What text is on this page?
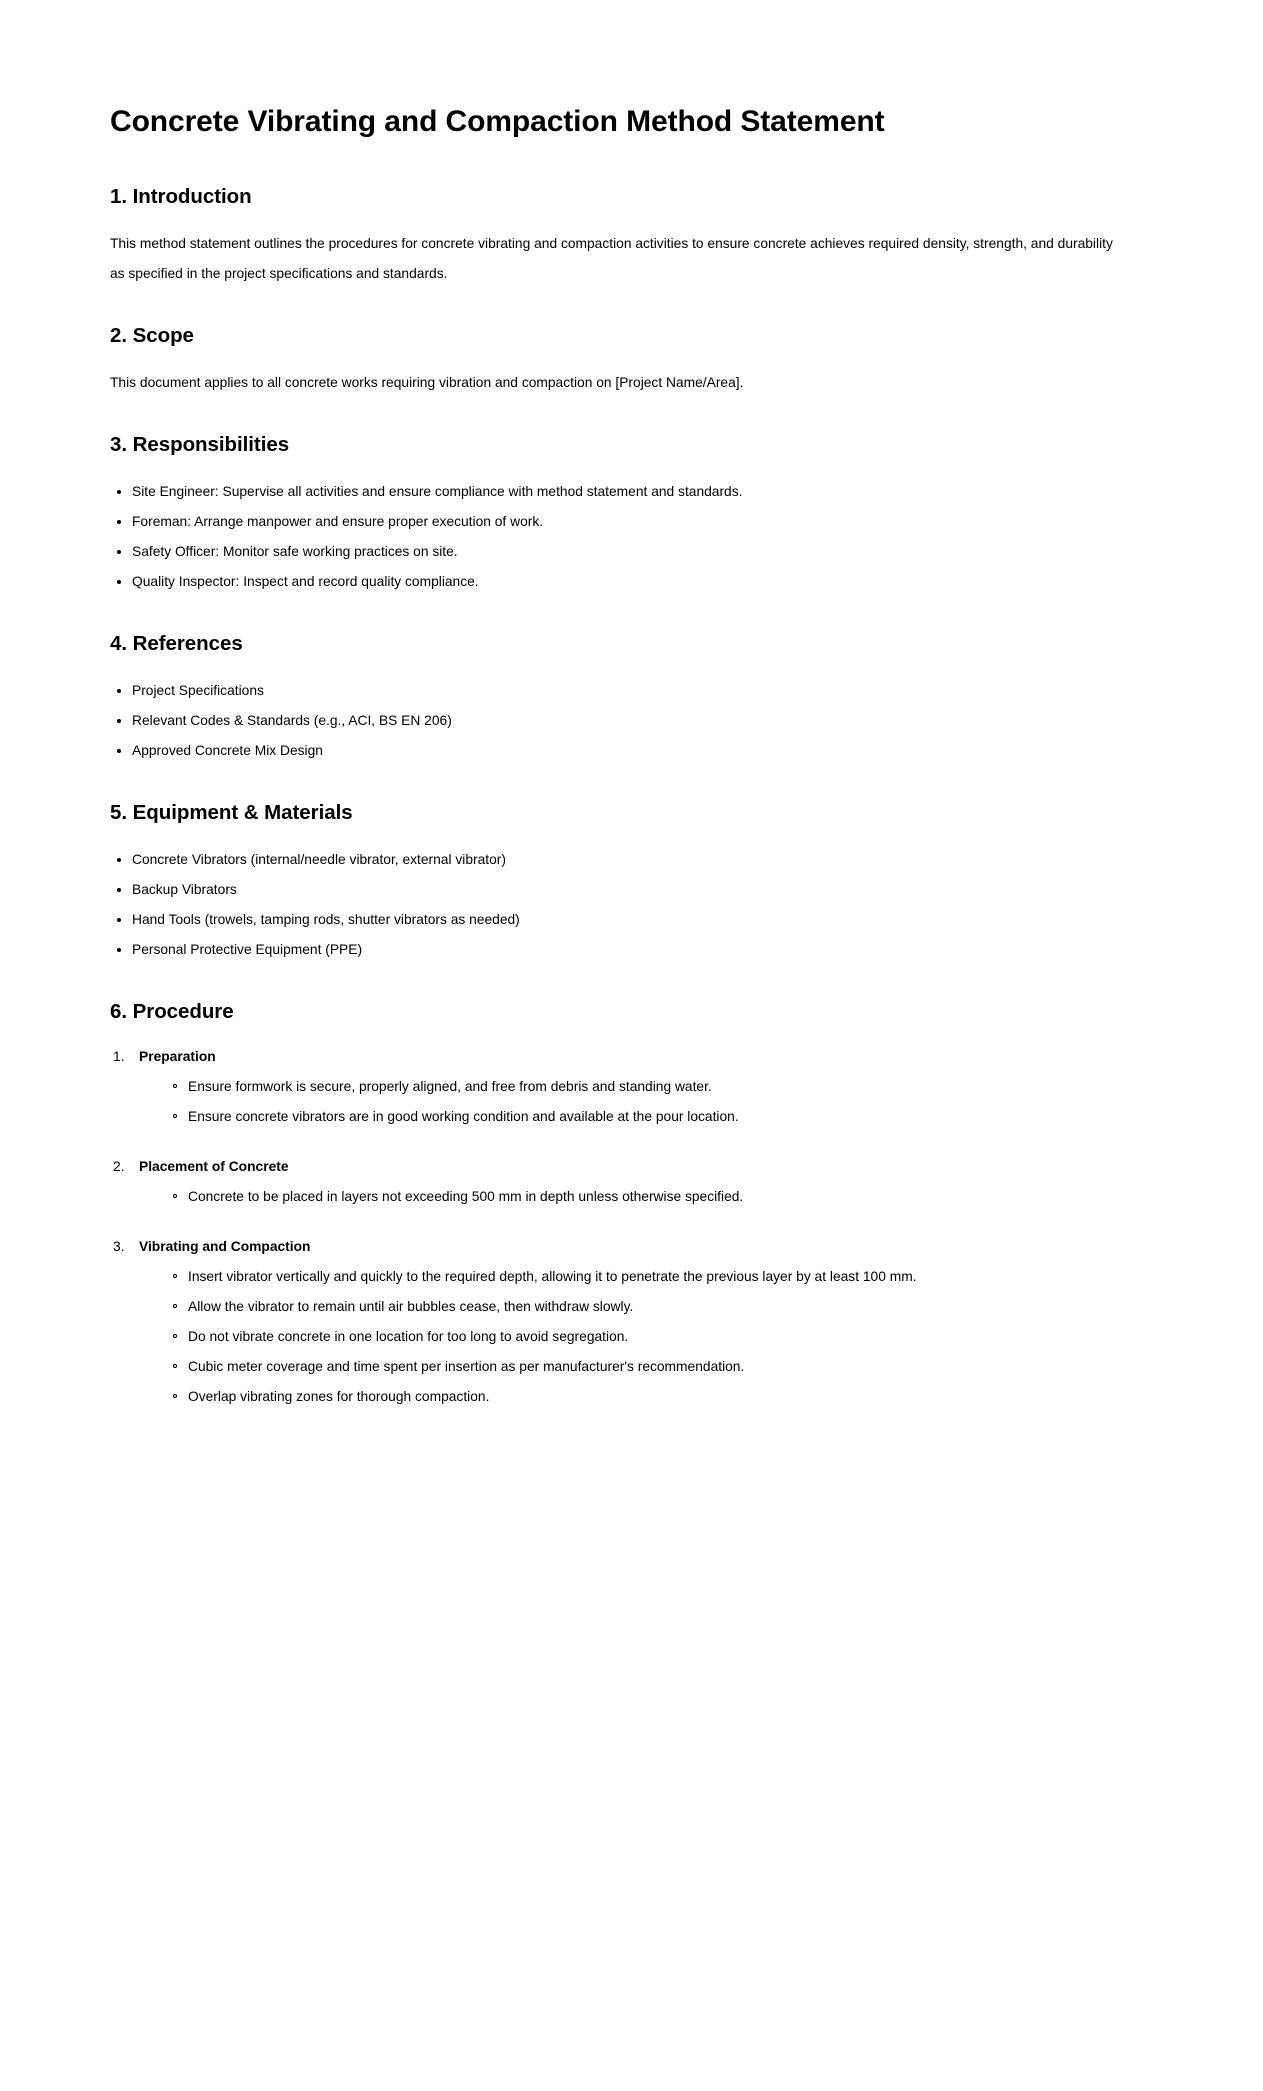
Concrete Vibrating and Compaction Method Statement
1. Introduction

This method statement outlines the procedures for concrete vibrating and compaction activities to ensure concrete achieves required density, strength, and durability as specified in the project specifications and standards.

2. Scope

This document applies to all concrete works requiring vibration and compaction on [Project Name/Area].

3. Responsibilities
Site Engineer: Supervise all activities and ensure compliance with method statement and standards.
Foreman: Arrange manpower and ensure proper execution of work.
Safety Officer: Monitor safe working practices on site.
Quality Inspector: Inspect and record quality compliance.
4. References
Project Specifications
Relevant Codes & Standards (e.g., ACI, BS EN 206)
Approved Concrete Mix Design
5. Equipment & Materials
Concrete Vibrators (internal/needle vibrator, external vibrator)
Backup Vibrators
Hand Tools (trowels, tamping rods, shutter vibrators as needed)
Personal Protective Equipment (PPE)
6. Procedure
Preparation
Ensure formwork is secure, properly aligned, and free from debris and standing water.
Ensure concrete vibrators are in good working condition and available at the pour location.
Placement of Concrete
Concrete to be placed in layers not exceeding 500 mm in depth unless otherwise specified.
Vibrating and Compaction
Insert vibrator vertically and quickly to the required depth, allowing it to penetrate the previous layer by at least 100 mm.
Allow the vibrator to remain until air bubbles cease, then withdraw slowly.
Do not vibrate concrete in one location for too long to avoid segregation.
Cubic meter coverage and time spent per insertion as per manufacturer's recommendation.
Overlap vibrating zones for thorough compaction.
